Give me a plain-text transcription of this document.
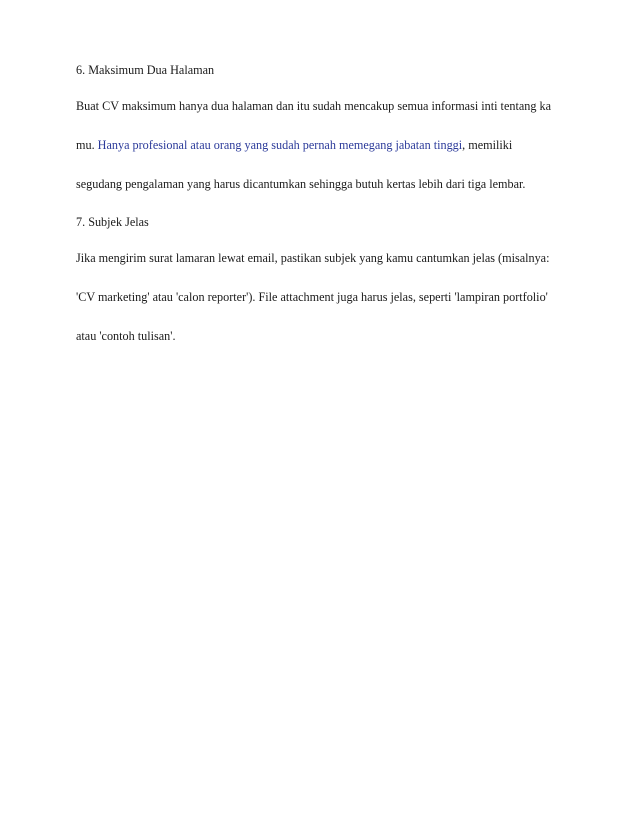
6. Maksimum Dua Halaman
Buat CV maksimum hanya dua halaman dan itu sudah mencakup semua informasi inti tentang ka
mu. Hanya profesional atau orang yang sudah pernah memegang jabatan tinggi, memiliki
segudang pengalaman yang harus dicantumkan sehingga butuh kertas lebih dari tiga lembar.
7. Subjek Jelas
Jika mengirim surat lamaran lewat email, pastikan subjek yang kamu cantumkan jelas (misalnya:
'CV marketing' atau 'calon reporter'). File attachment juga harus jelas, seperti 'lampiran portfolio'
atau 'contoh tulisan'.
